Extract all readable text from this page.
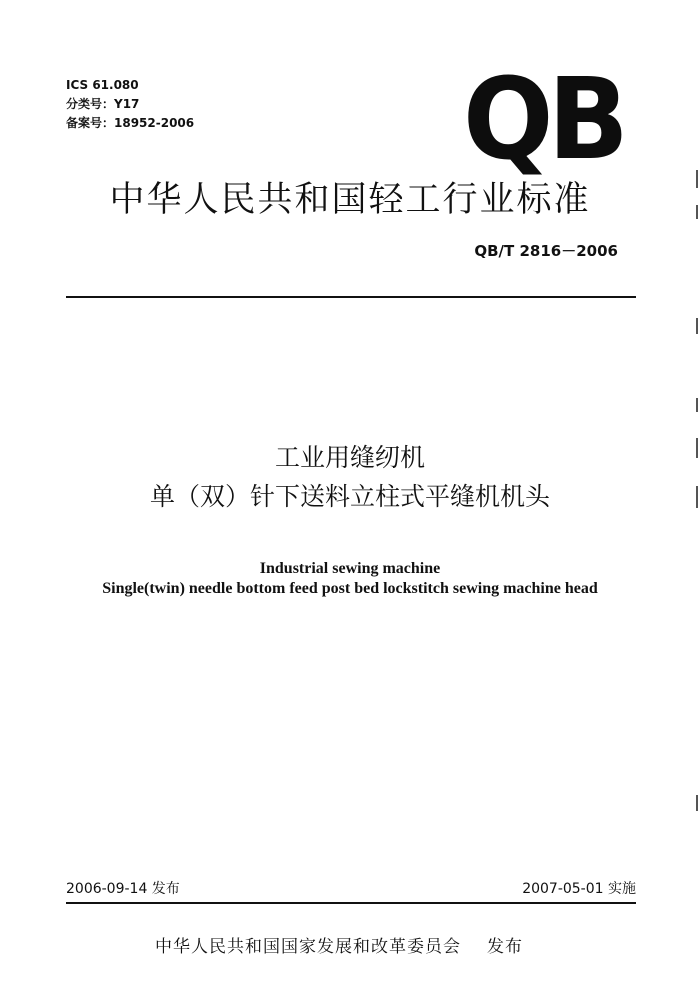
ICS 61.080
分类号：Y17
备案号：18952-2006 QB
中华人民共和国轻工行业标准
QB/T 2816－2006
工业用缝纫机
单（双）针下送料立柱式平缝机机头
Industrial sewing machine
Single(twin) needle bottom feed post bed lockstitch sewing machine head
2006-09-14 发布	2007-05-01 实施
中华人民共和国国家发展和改革委员会 发布
